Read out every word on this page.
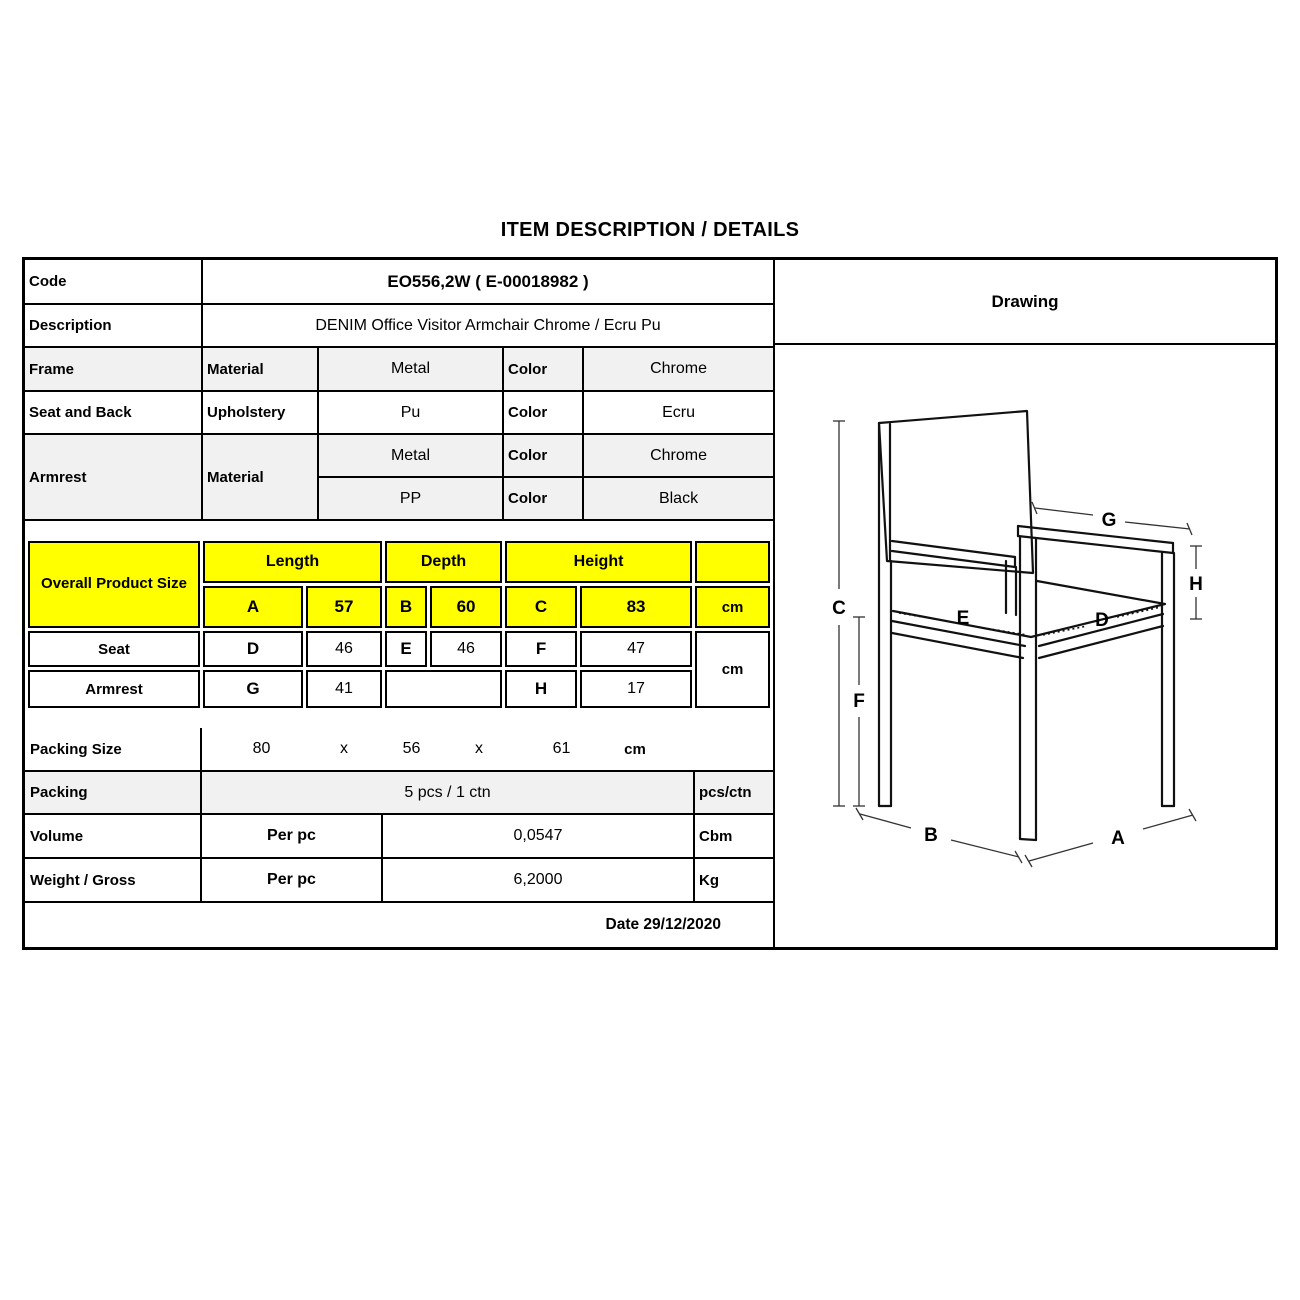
ITEM DESCRIPTION / DETAILS
Code	EO556,2W ( E-00018982 )			
Description	DENIM Office Visitor Armchair Chrome / Ecru Pu			
Frame	Material	Metal	Color	Chrome
Seat and Back	Upholstery	Pu	Color	Ecru
Armrest	Material	Metal	Color	Chrome
		PP	Color	Black
Overall Product Size	Length		Depth		Height		
	A	57	B	60	C	83	cm
Seat	D	46	E	46	F	47	cm
Armrest	G	41			H	17	
Packing Size	80	x	56	x	61	cm
Packing	5 pcs / 1 ctn	pcs/ctn
Volume	Per pc	0,0547	Cbm
Weight / Gross	Per pc	6,2000	Kg
Date 29/12/2020
Drawing
C
F
G
H
E	D
B	A
